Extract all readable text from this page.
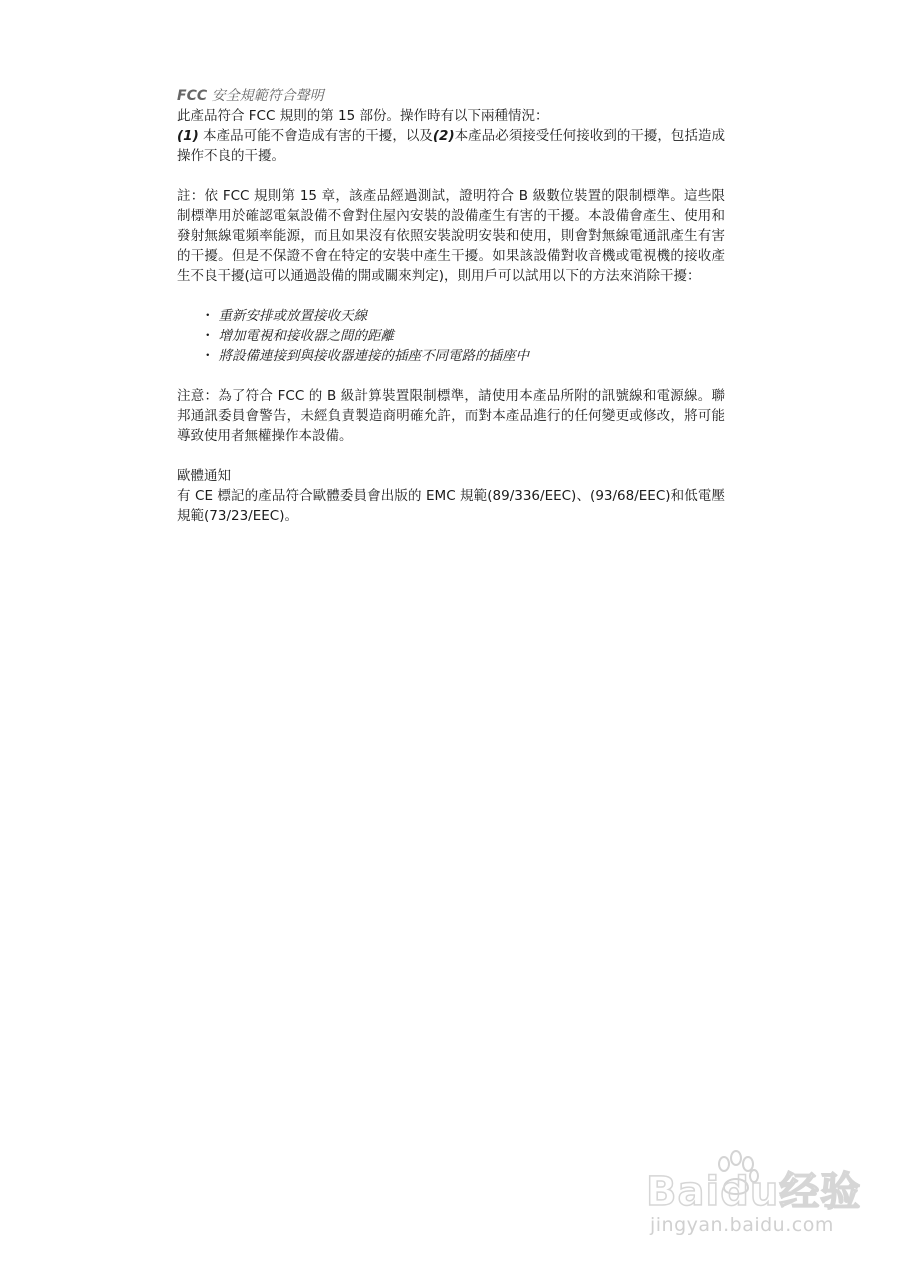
FCC 安全規範符合聲明

此產品符合 FCC 規則的第 15 部份。操作時有以下兩種情況：

(1) 本產品可能不會造成有害的干擾，以及(2)本產品必須接受任何接收到的干擾，包括造成操作不良的干擾。

註：依 FCC 規則第 15 章，該產品經過測試，證明符合 B 級數位裝置的限制標準。這些限制標準用於確認電氣設備不會對住屋內安裝的設備產生有害的干擾。本設備會產生、使用和發射無線電頻率能源，而且如果沒有依照安裝說明安裝和使用，則會對無線電通訊產生有害的干擾。但是不保證不會在特定的安裝中產生干擾。如果該設備對收音機或電視機的接收產生不良干擾(這可以通過設備的開或關來判定)，則用戶可以試用以下的方法來消除干擾：

・ 重新安排或放置接收天線
・ 增加電視和接收器之間的距離
・ 將設備連接到與接收器連接的插座不同電路的插座中

注意：為了符合 FCC 的 B 級計算裝置限制標準，請使用本產品所附的訊號線和電源線。聯邦通訊委員會警告，未經負責製造商明確允許，而對本產品進行的任何變更或修改，將可能導致使用者無權操作本設備。

歐體通知

有 CE 標記的產品符合歐體委員會出版的 EMC 規範(89/336/EEC)、(93/68/EEC)和低電壓規範(73/23/EEC)。

Baidu经验
jingyan.baidu.com
